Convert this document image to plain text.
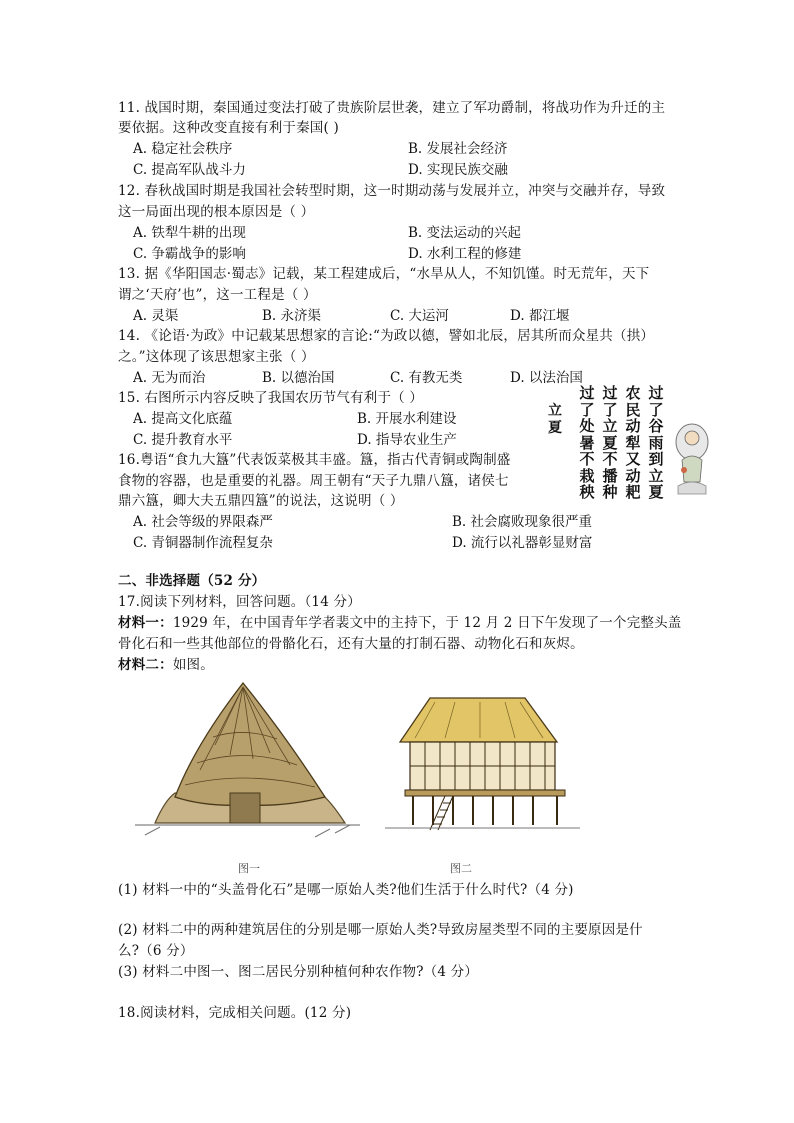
11. 战国时期，秦国通过变法打破了贵族阶层世袭，建立了军功爵制，将战功作为升迁的主
要依据。这种改变直接有利于秦国( )
A. 稳定社会秩序	B. 发展社会经济
C. 提高军队战斗力	D. 实现民族交融
12. 春秋战国时期是我国社会转型时期，这一时期动荡与发展并立，冲突与交融并存，导致
这一局面出现的根本原因是（ ）
A. 铁犁牛耕的出现	B. 变法运动的兴起
C. 争霸战争的影响	D. 水利工程的修建
13. 据《华阳国志·蜀志》记载，某工程建成后，“水旱从人，不知饥馑。时无荒年，天下
谓之‘天府’也”，这一工程是（ ）
A. 灵渠	B. 永济渠	C. 大运河	D. 都江堰
14. 《论语·为政》中记载某思想家的言论:“为政以德，譬如北辰，居其所而众星共（拱）
之。”这体现了该思想家主张（ ）
A. 无为而治	B. 以德治国	C. 有教无类	D. 以法治国
15. 右图所示内容反映了我国农历节气有利于（ ）
A. 提高文化底蕴	B. 开展水利建设
C. 提升教育水平	D. 指导农业生产
立夏
过了处暑不栽秧
过了立夏不播种
农民动犁又动耙
过了谷雨到立夏
16.粤语“食九大簋”代表饭菜极其丰盛。簋，指古代青铜或陶制盛
食物的容器，也是重要的礼器。周王朝有“天子九鼎八簋，诸侯七
鼎六簋，卿大夫五鼎四簋”的说法，这说明（ ）
A. 社会等级的界限森严	B. 社会腐败现象很严重
C. 青铜器制作流程复杂	D. 流行以礼器彰显财富
二、非选择题（52 分）
17.阅读下列材料，回答问题。（14 分）
材料一：1929 年，在中国青年学者裴文中的主持下，于 12 月 2 日下午发现了一个完整头盖
骨化石和一些其他部位的骨骼化石，还有大量的打制石器、动物化石和灰烬。
材料二：如图。
图一	图二
(1) 材料一中的“头盖骨化石”是哪一原始人类?他们生活于什么时代?（4 分)
(2) 材料二中的两种建筑居住的分别是哪一原始人类?导致房屋类型不同的主要原因是什
么?（6 分）
(3) 材料二中图一、图二居民分别种植何种农作物?（4 分）
18.阅读材料，完成相关问题。(12 分)
